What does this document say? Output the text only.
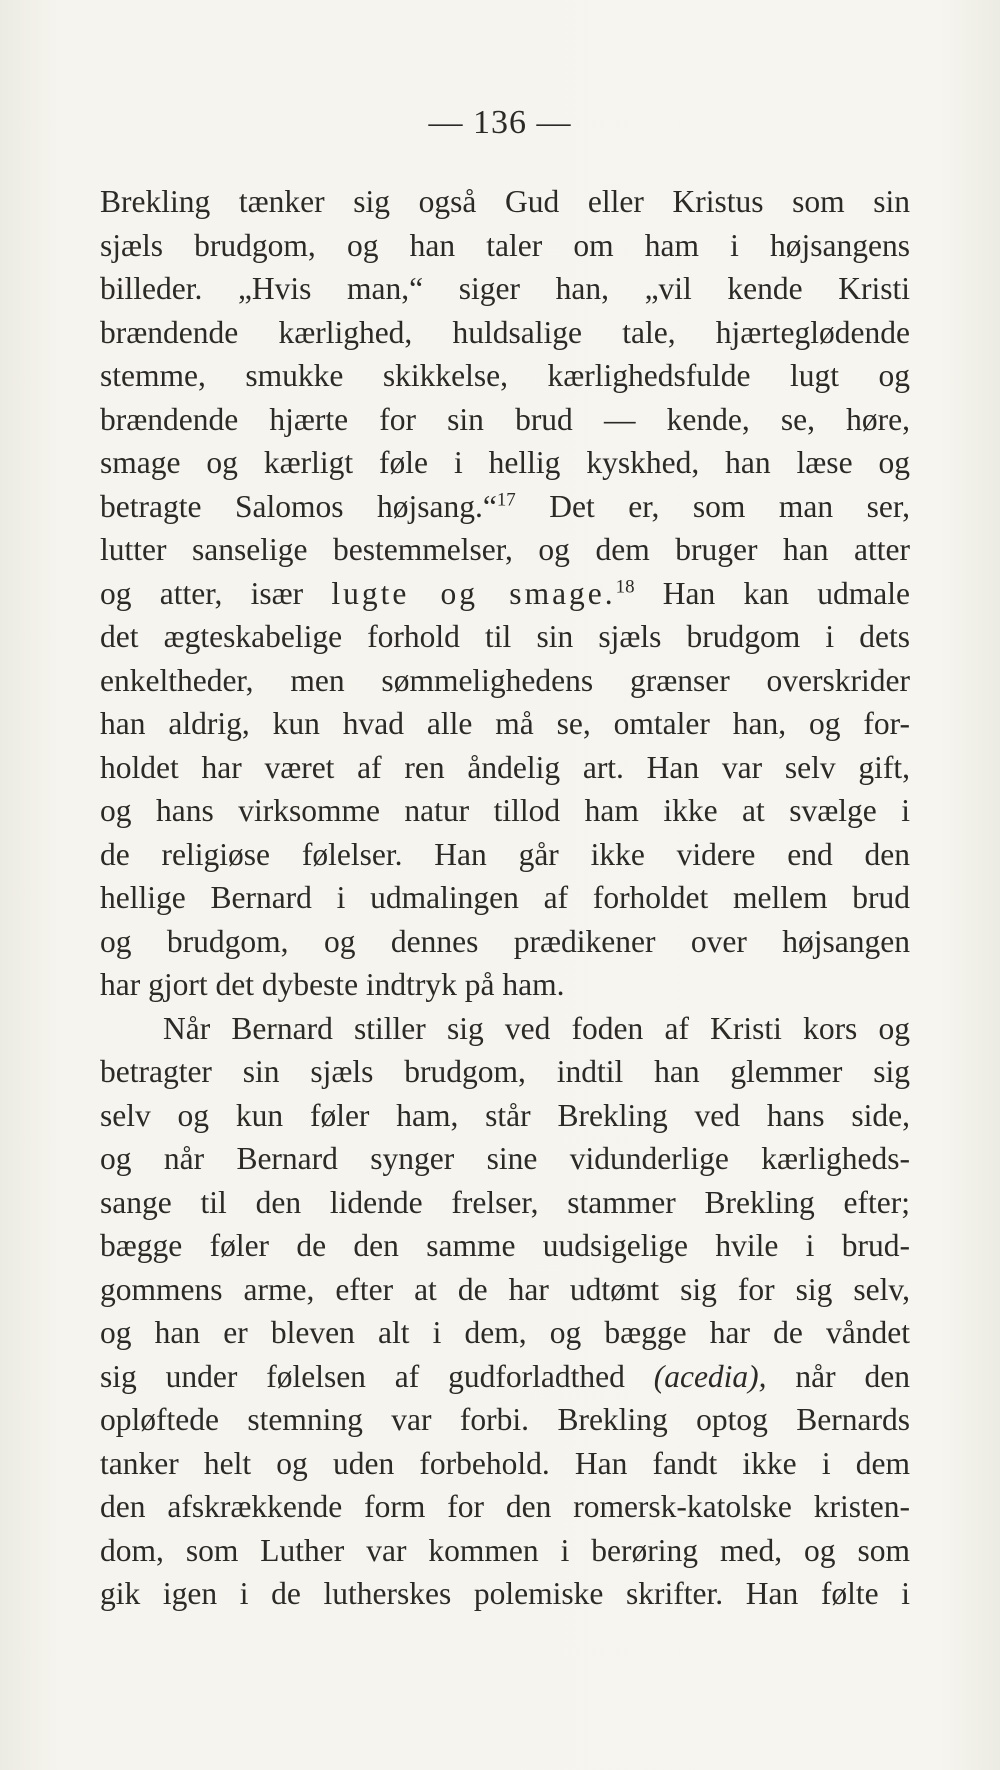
— 136 —
Brekling tænker sig også Gud eller Kristus som sin
sjæls brudgom, og han taler om ham i højsangens
billeder. „Hvis man,“ siger han, „vil kende Kristi
brændende kærlighed, huldsalige tale, hjærteglødende
stemme, smukke skikkelse, kærlighedsfulde lugt og
brændende hjærte for sin brud — kende, se, høre,
smage og kærligt føle i hellig kyskhed, han læse og
betragte Salomos højsang.“$^{17}$ Det er, som man ser,
lutter sanselige bestemmelser, og dem bruger han atter
og atter, især lugte og smage.$^{18}$ Han kan udmale
det ægteskabelige forhold til sin sjæls brudgom i dets
enkeltheder, men sømmelighedens grænser overskrider
han aldrig, kun hvad alle må se, omtaler han, og for-
holdet har været af ren åndelig art. Han var selv gift,
og hans virksomme natur tillod ham ikke at svælge i
de religiøse følelser. Han går ikke videre end den
hellige Bernard i udmalingen af forholdet mellem brud
og brudgom, og dennes prædikener over højsangen
har gjort det dybeste indtryk på ham.
Når Bernard stiller sig ved foden af Kristi kors og
betragter sin sjæls brudgom, indtil han glemmer sig
selv og kun føler ham, står Brekling ved hans side,
og når Bernard synger sine vidunderlige kærligheds-
sange til den lidende frelser, stammer Brekling efter;
bægge føler de den samme uudsigelige hvile i brud-
gommens arme, efter at de har udtømt sig for sig selv,
og han er bleven alt i dem, og bægge har de våndet
sig under følelsen af gudforladthed (acedia), når den
opløftede stemning var forbi. Brekling optog Bernards
tanker helt og uden forbehold. Han fandt ikke i dem
den afskrækkende form for den romersk-katolske kristen-
dom, som Luther var kommen i berøring med, og som
gik igen i de lutherskes polemiske skrifter. Han følte i
